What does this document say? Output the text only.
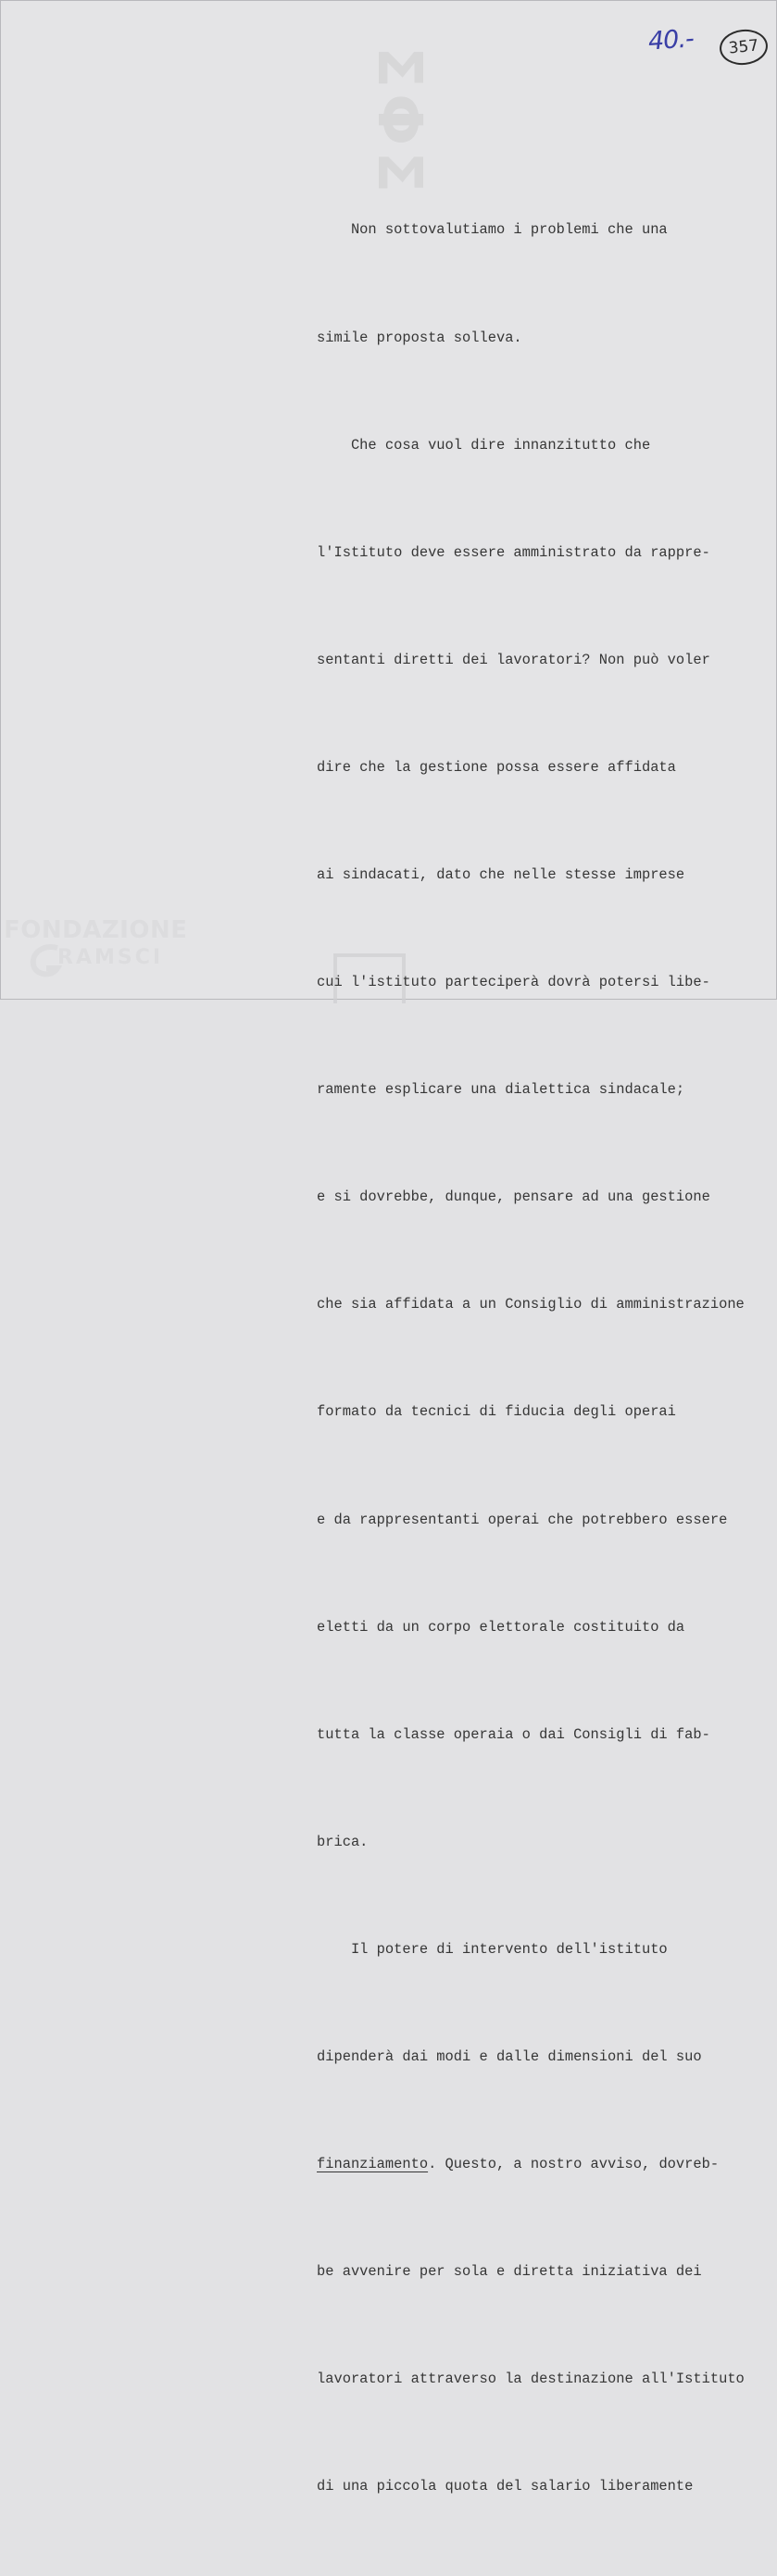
ΣΦΣ
40.-	357

Non sottovalutiamo i problemi che una

simile proposta solleva.

Che cosa vuol dire innanzitutto che

l'Istituto deve essere amministrato da rappre-

sentanti diretti dei lavoratori? Non può voler

dire che la gestione possa essere affidata

ai sindacati, dato che nelle stesse imprese

cui l'istituto parteciperà dovrà potersi libe-

ramente esplicare una dialettica sindacale;

e si dovrebbe, dunque, pensare ad una gestione

che sia affidata a un Consiglio di amministrazione

formato da tecnici di fiducia degli operai

e da rappresentanti operai che potrebbero essere

eletti da un corpo elettorale costituito da

tutta la classe operaia o dai Consigli di fab-

brica.

Il potere di intervento dell'istituto

dipenderà dai modi e dalle dimensioni del suo

finanziamento. Questo, a nostro avviso, dovreb-

be avvenire per sola e diretta iniziativa dei

lavoratori attraverso la destinazione all'Istituto

di una piccola quota del salario liberamente

FONDAZIONE
RAMSCI
